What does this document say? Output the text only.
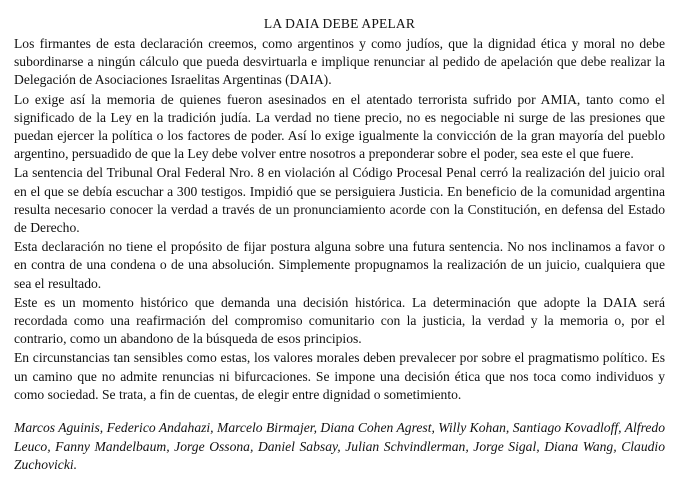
LA DAIA DEBE APELAR

Los firmantes de esta declaración creemos, como argentinos y como judíos, que la dignidad ética y moral no debe subordinarse a ningún cálculo que pueda desvirtuarla e implique renunciar al pedido de apelación que debe realizar la Delegación de Asociaciones Israelitas Argentinas (DAIA).

Lo exige así la memoria de quienes fueron asesinados en el atentado terrorista sufrido por AMIA, tanto como el significado de la Ley en la tradición judía. La verdad no tiene precio, no es negociable ni surge de las presiones que puedan ejercer la política o los factores de poder. Así lo exige igualmente la convicción de la gran mayoría del pueblo argentino, persuadido de que la Ley debe volver entre nosotros a preponderar sobre el poder, sea este el que fuere.

La sentencia del Tribunal Oral Federal Nro. 8 en violación al Código Procesal Penal cerró la realización del juicio oral en el que se debía escuchar a 300 testigos. Impidió que se persiguiera Justicia. En beneficio de la comunidad argentina resulta necesario conocer la verdad a través de un pronunciamiento acorde con la Constitución, en defensa del Estado de Derecho.

Esta declaración no tiene el propósito de fijar postura alguna sobre una futura sentencia. No nos inclinamos a favor o en contra de una condena o de una absolución. Simplemente propugnamos la realización de un juicio, cualquiera que sea el resultado.

Este es un momento histórico que demanda una decisión histórica. La determinación que adopte la DAIA será recordada como una reafirmación del compromiso comunitario con la justicia, la verdad y la memoria o, por el contrario, como un abandono de la búsqueda de esos principios.

En circunstancias tan sensibles como estas, los valores morales deben prevalecer por sobre el pragmatismo político. Es un camino que no admite renuncias ni bifurcaciones. Se impone una decisión ética que nos toca como individuos y como sociedad. Se trata, a fin de cuentas, de elegir entre dignidad o sometimiento.

Marcos Aguinis, Federico Andahazi, Marcelo Birmajer, Diana Cohen Agrest, Willy Kohan, Santiago Kovadloff, Alfredo Leuco, Fanny Mandelbaum, Jorge Ossona, Daniel Sabsay, Julian Schvindlerman, Jorge Sigal, Diana Wang, Claudio Zuchovicki.
